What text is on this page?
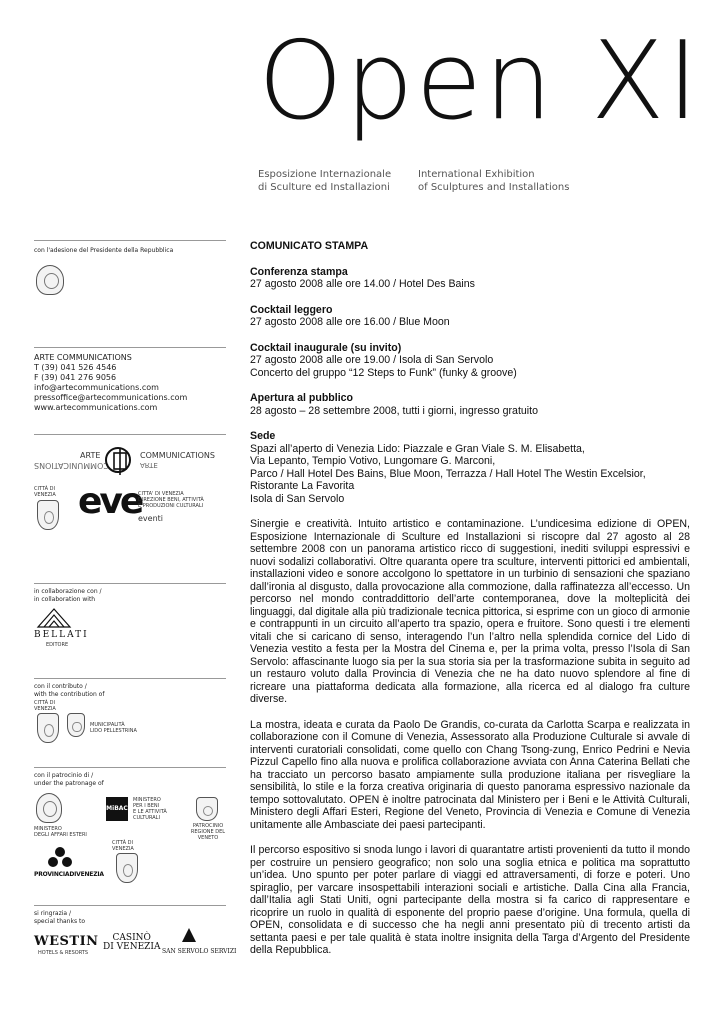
Open XI
Esposizione Internazionale
di Sculture ed Installazioni
International Exhibition
of Sculptures and Installations
con l'adesione del Presidente della Repubblica
ARTE COMMUNICATIONS
T (39) 041 526 4546
F (39) 041 276 9056
info@artecommunications.com
pressoffice@artecommunications.com
www.artecommunications.com
ARTE
COMMUNICATIONS
COMMUNICATIONS
ARTE
CITTÀ DI VENEZIA eve
CITTA' DI VENEZIA
DIREZIONE BENI, ATTIVITÀ
E PRODUZIONI CULTURALI
eventi
in collaborazione con /
in collaboration with
BELLATI
EDITORE
con il contributo /
with the contribution of
CITTÀ DI VENEZIA
MUNICIPALITÀ
LIDO PELLESTRINA
con il patrocinio di /
under the patronage of
MINISTERO
DEGLI AFFARI ESTERI
MiBAC
MINISTERO
PER I BENI
E LE ATTIVITÀ
CULTURALI
PATROCINIO
REGIONE DEL VENETO
PROVINCIADIVENEZIA
CITTÀ DI VENEZIA
si ringrazia /
special thanks to
WESTIN
HOTELS & RESORTS
CASINÒ
DI VENEZIA SAN SERVOLO SERVIZI

COMUNICATO STAMPA

Conferenza stampa

27 agosto 2008 alle ore 14.00 / Hotel Des Bains

Cocktail leggero

27 agosto 2008 alle ore 16.00 / Blue Moon

Cocktail inaugurale (su invito)

27 agosto 2008 alle ore 19.00 / Isola di San Servolo

Concerto del gruppo “12 Steps to Funk” (funky & groove)

Apertura al pubblico

28 agosto – 28 settembre 2008, tutti i giorni, ingresso gratuito

Sede

Spazi all’aperto di Venezia Lido: Piazzale e Gran Viale S. M. Elisabetta,

Via Lepanto, Tempio Votivo, Lungomare G. Marconi,

Parco / Hall Hotel Des Bains, Blue Moon, Terrazza / Hall Hotel The Westin Excelsior,

Ristorante La Favorita

Isola di San Servolo

Sinergie e creatività. Intuito artistico e contaminazione. L’undicesima edizione di OPEN, Esposizione Internazionale di Sculture ed Installazioni si riscopre dal 27 agosto al 28 settembre 2008 con un panorama artistico ricco di suggestioni, inediti sviluppi espressivi e nuovi sodalizi collaborativi. Oltre quaranta opere tra sculture, interventi pittorici ed ambientali, installazioni video e sonore accolgono lo spettatore in un turbinio di sensazioni che spaziano dall’ironia al disgusto, dalla provocazione alla commozione, dalla raffinatezza all’eccesso. Un percorso nel mondo contraddittorio dell’arte contemporanea, dove la molteplicità dei linguaggi, dal digitale alla più tradizionale tecnica pittorica, si esprime con un gioco di armonie e contrappunti in un circuito all’aperto tra spazio, opera e fruitore. Sono questi i tre elementi vitali che si caricano di senso, interagendo l’un l’altro nella splendida cornice del Lido di Venezia vestito a festa per la Mostra del Cinema e, per la prima volta, presso l’Isola di San Servolo: affascinante luogo sia per la sua storia sia per la trasformazione subita in seguito ad un restauro voluto dalla Provincia di Venezia che ne ha dato nuovo splendore al fine di ricreare una piattaforma dedicata alla formazione, alla ricerca ed al dialogo fra culture diverse.

La mostra, ideata e curata da Paolo De Grandis, co-curata da Carlotta Scarpa e realizzata in collaborazione con il Comune di Venezia, Assessorato alla Produzione Culturale si avvale di interventi curatoriali consolidati, come quello con Chang Tsong-zung, Enrico Pedrini e Nevia Pizzul Capello fino alla nuova e prolifica collaborazione avviata con Anna Caterina Bellati che ha tracciato un percorso basato ampiamente sulla produzione italiana per risvegliare la sensibilità, lo stile e la forza creativa originaria di questo panorama espressivo nazionale da tempo sottovalutato. OPEN è inoltre patrocinata dal Ministero per i Beni e le Attività Culturali, Ministero degli Affari Esteri, Regione del Veneto, Provincia di Venezia e Comune di Venezia unitamente alle Ambasciate dei paesi partecipanti.

Il percorso espositivo si snoda lungo i lavori di quarantatre artisti provenienti da tutto il mondo per costruire un pensiero geografico; non solo una soglia etnica e politica ma soprattutto un’idea. Uno spunto per poter parlare di viaggi ed attraversamenti, di forze e poteri. Uno spiraglio, per varcare insospettabili interazioni sociali e artistiche. Dalla Cina alla Francia, dall’Italia agli Stati Uniti, ogni partecipante della mostra si fa carico di rappresentare e ricoprire un ruolo in qualità di esponente del proprio paese d’origine. Una formula, quella di OPEN, consolidata e di successo che ha negli anni presentato più di trecento artisti da settanta paesi e per tale qualità è stata inoltre insignita della Targa d’Argento del Presidente della Repubblica.
